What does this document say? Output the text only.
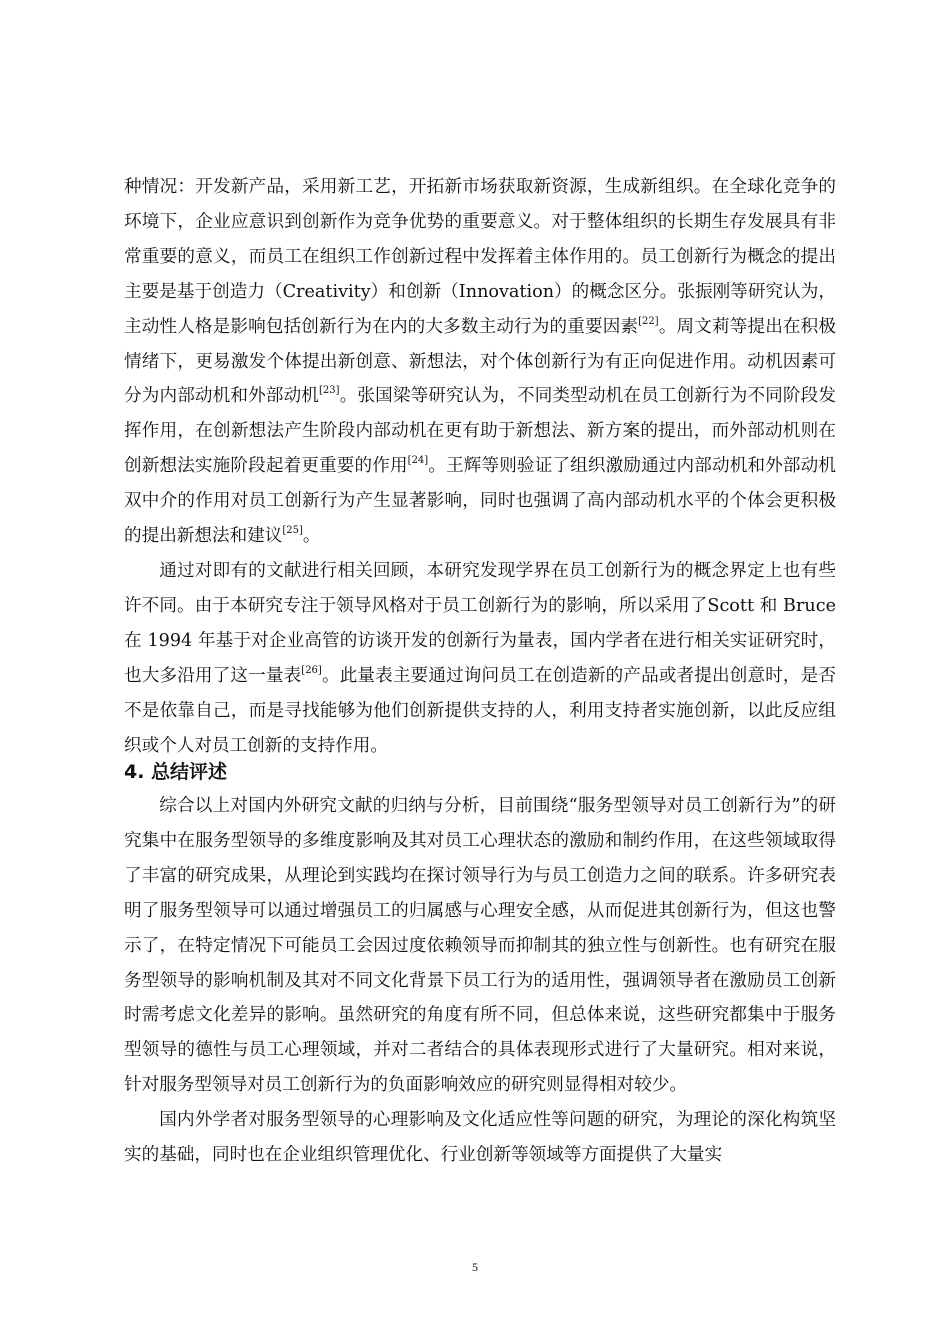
种情况：开发新产品，采用新工艺，开拓新市场获取新资源，生成新组织。在全球化竞争的环境下，企业应意识到创新作为竞争优势的重要意义。对于整体组织的长期生存发展具有非常重要的意义，而员工在组织工作创新过程中发挥着主体作用的。员工创新行为概念的提出主要是基于创造力（Creativity）和创新（Innovation）的概念区分。张振刚等研究认为，主动性人格是影响包括创新行为在内的大多数主动行为的重要因素[22]。周文莉等提出在积极情绪下，更易激发个体提出新创意、新想法，对个体创新行为有正向促进作用。动机因素可分为内部动机和外部动机[23]。张国梁等研究认为，不同类型动机在员工创新行为不同阶段发挥作用，在创新想法产生阶段内部动机在更有助于新想法、新方案的提出，而外部动机则在创新想法实施阶段起着更重要的作用[24]。王辉等则验证了组织激励通过内部动机和外部动机双中介的作用对员工创新行为产生显著影响，同时也强调了高内部动机水平的个体会更积极的提出新想法和建议[25]。

通过对即有的文献进行相关回顾，本研究发现学界在员工创新行为的概念界定上也有些许不同。由于本研究专注于领导风格对于员工创新行为的影响，所以采用了Scott 和 Bruce 在 1994 年基于对企业高管的访谈开发的创新行为量表，国内学者在进行相关实证研究时，也大多沿用了这一量表[26]。此量表主要通过询问员工在创造新的产品或者提出创意时，是否不是依靠自己，而是寻找能够为他们创新提供支持的人，利用支持者实施创新，以此反应组织或个人对员工创新的支持作用。

4. 总结评述

综合以上对国内外研究文献的归纳与分析，目前围绕“服务型领导对员工创新行为”的研究集中在服务型领导的多维度影响及其对员工心理状态的激励和制约作用，在这些领域取得了丰富的研究成果，从理论到实践均在探讨领导行为与员工创造力之间的联系。许多研究表明了服务型领导可以通过增强员工的归属感与心理安全感，从而促进其创新行为，但这也警示了，在特定情况下可能员工会因过度依赖领导而抑制其的独立性与创新性。也有研究在服务型领导的影响机制及其对不同文化背景下员工行为的适用性，强调领导者在激励员工创新时需考虑文化差异的影响。虽然研究的角度有所不同，但总体来说，这些研究都集中于服务型领导的德性与员工心理领域，并对二者结合的具体表现形式进行了大量研究。相对来说，针对服务型领导对员工创新行为的负面影响效应的研究则显得相对较少。

国内外学者对服务型领导的心理影响及文化适应性等问题的研究，为理论的深化构筑坚实的基础，同时也在企业组织管理优化、行业创新等领域等方面提供了大量实

5
